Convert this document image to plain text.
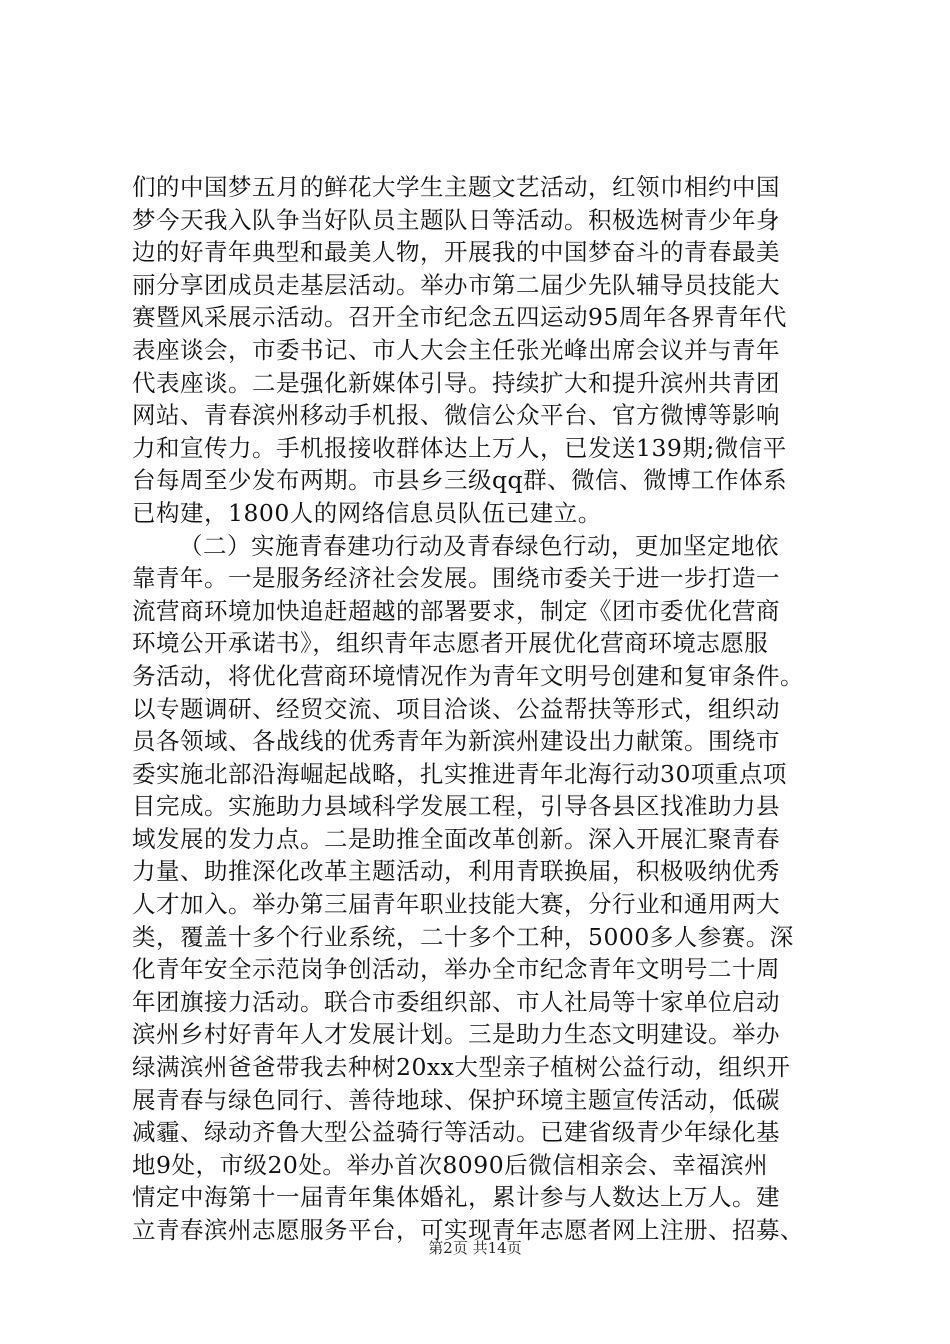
们的中国梦五月的鲜花大学生主题文艺活动，红领巾相约中国
梦今天我入队争当好队员主题队日等活动。积极选树青少年身
边的好青年典型和最美人物，开展我的中国梦奋斗的青春最美
丽分享团成员走基层活动。举办市第二届少先队辅导员技能大
赛暨风采展示活动。召开全市纪念五四运动95周年各界青年代
表座谈会，市委书记、市人大会主任张光峰出席会议并与青年
代表座谈。二是强化新媒体引导。持续扩大和提升滨州共青团
网站、青春滨州移动手机报、微信公众平台、官方微博等影响
力和宣传力。手机报接收群体达上万人，已发送139期;微信平
台每周至少发布两期。市县乡三级qq群、微信、微博工作体系
已构建，1800人的网络信息员队伍已建立。
（二）实施青春建功行动及青春绿色行动，更加坚定地依
靠青年。一是服务经济社会发展。围绕市委关于进一步打造一
流营商环境加快追赶超越的部署要求，制定《团市委优化营商
环境公开承诺书》，组织青年志愿者开展优化营商环境志愿服
务活动，将优化营商环境情况作为青年文明号创建和复审条件。
以专题调研、经贸交流、项目洽谈、公益帮扶等形式，组织动
员各领域、各战线的优秀青年为新滨州建设出力献策。围绕市
委实施北部沿海崛起战略，扎实推进青年北海行动30项重点项
目完成。实施助力县域科学发展工程，引导各县区找准助力县
域发展的发力点。二是助推全面改革创新。深入开展汇聚青春
力量、助推深化改革主题活动，利用青联换届，积极吸纳优秀
人才加入。举办第三届青年职业技能大赛，分行业和通用两大
类，覆盖十多个行业系统，二十多个工种，5000多人参赛。深
化青年安全示范岗争创活动，举办全市纪念青年文明号二十周
年团旗接力活动。联合市委组织部、市人社局等十家单位启动
滨州乡村好青年人才发展计划。三是助力生态文明建设。举办
绿满滨州爸爸带我去种树20xx大型亲子植树公益行动，组织开
展青春与绿色同行、善待地球、保护环境主题宣传活动，低碳
减霾、绿动齐鲁大型公益骑行等活动。已建省级青少年绿化基
地9处，市级20处。举办首次8090后微信相亲会、幸福滨州
情定中海第十一届青年集体婚礼，累计参与人数达上万人。建
立青春滨州志愿服务平台，可实现青年志愿者网上注册、招募、
第2页 共14页
